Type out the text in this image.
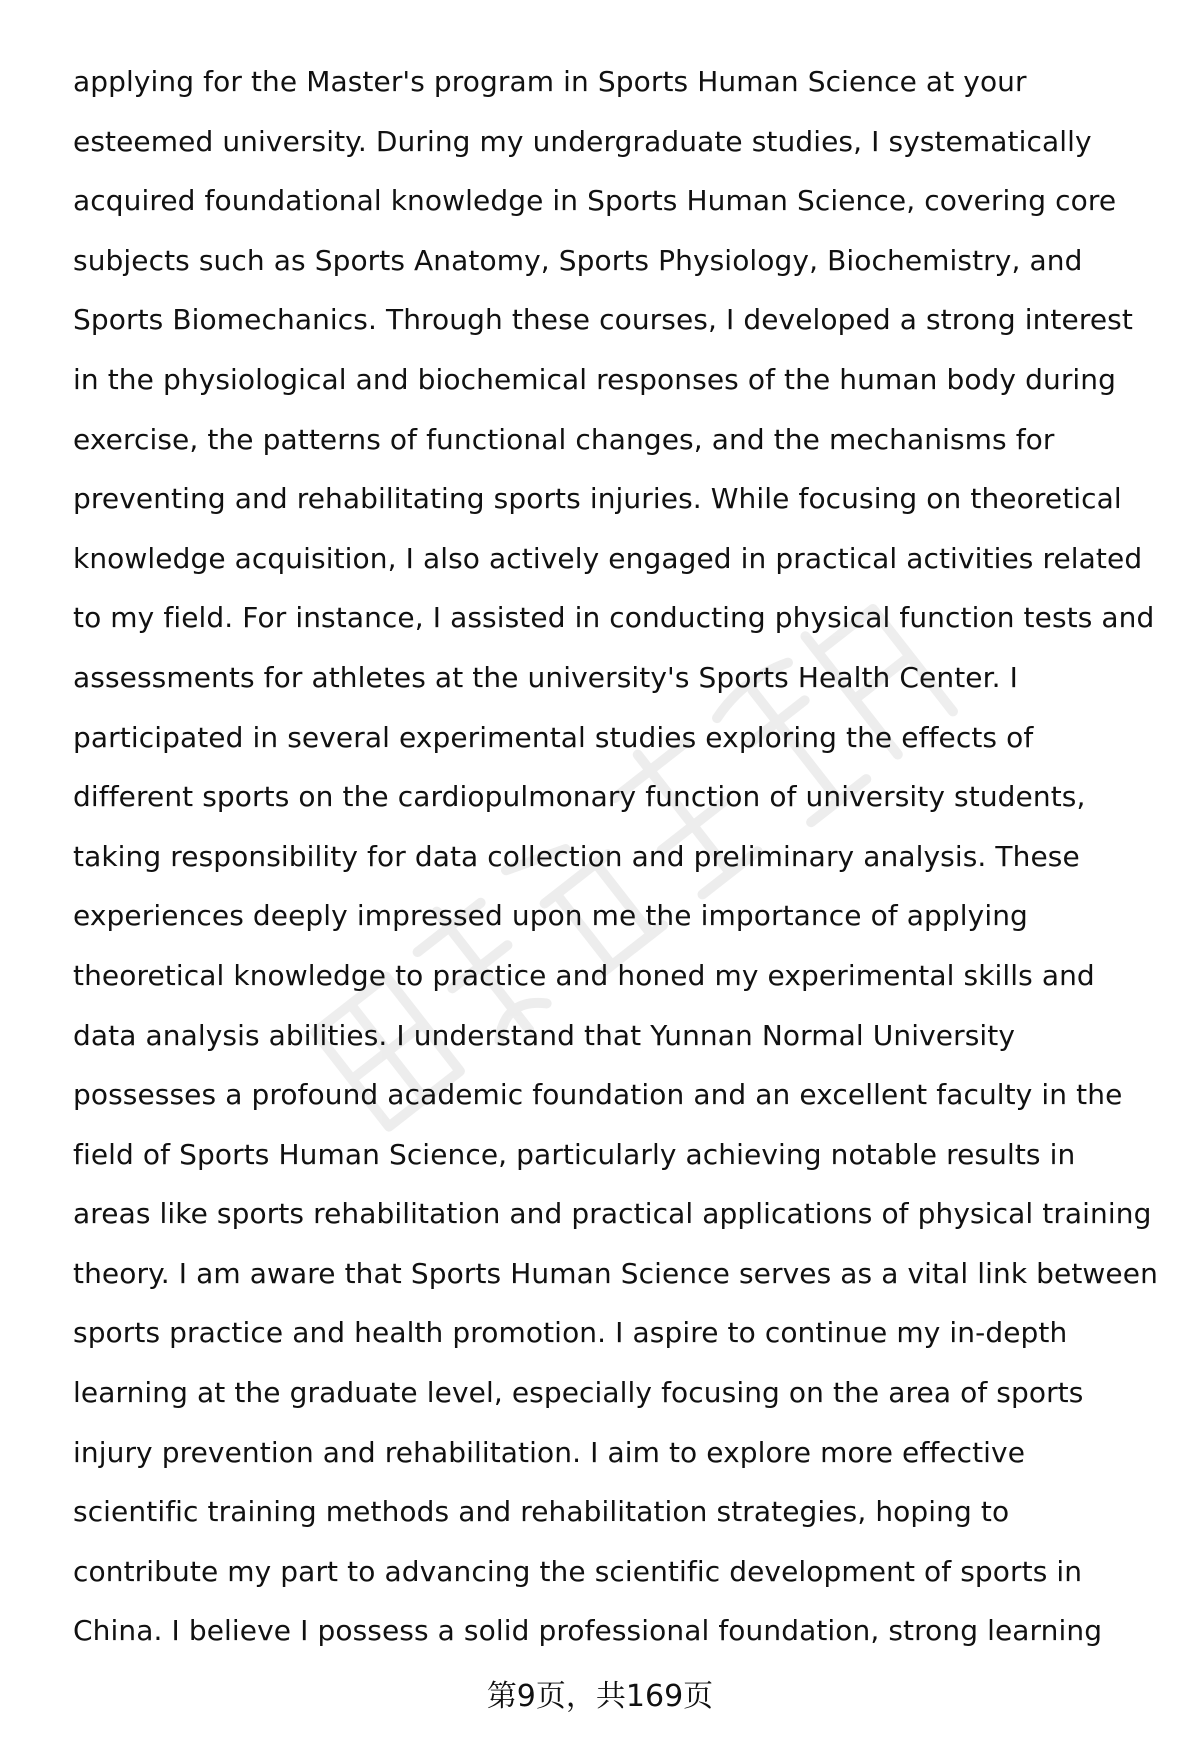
applying for the Master's program in Sports Human Science at your
esteemed university. During my undergraduate studies, I systematically
acquired foundational knowledge in Sports Human Science, covering core
subjects such as Sports Anatomy, Sports Physiology, Biochemistry, and
Sports Biomechanics. Through these courses, I developed a strong interest
in the physiological and biochemical responses of the human body during
exercise, the patterns of functional changes, and the mechanisms for
preventing and rehabilitating sports injuries. While focusing on theoretical
knowledge acquisition, I also actively engaged in practical activities related
to my field. For instance, I assisted in conducting physical function tests and
assessments for athletes at the university's Sports Health Center. I
participated in several experimental studies exploring the effects of
different sports on the cardiopulmonary function of university students,
taking responsibility for data collection and preliminary analysis. These
experiences deeply impressed upon me the importance of applying
theoretical knowledge to practice and honed my experimental skills and
data analysis abilities. I understand that Yunnan Normal University
possesses a profound academic foundation and an excellent faculty in the
field of Sports Human Science, particularly achieving notable results in
areas like sports rehabilitation and practical applications of physical training
theory. I am aware that Sports Human Science serves as a vital link between
sports practice and health promotion. I aspire to continue my in-depth
learning at the graduate level, especially focusing on the area of sports
injury prevention and rehabilitation. I aim to explore more effective
scientific training methods and rehabilitation strategies, hoping to
contribute my part to advancing the scientific development of sports in
China. I believe I possess a solid professional foundation, strong learning
第9页，共169页
